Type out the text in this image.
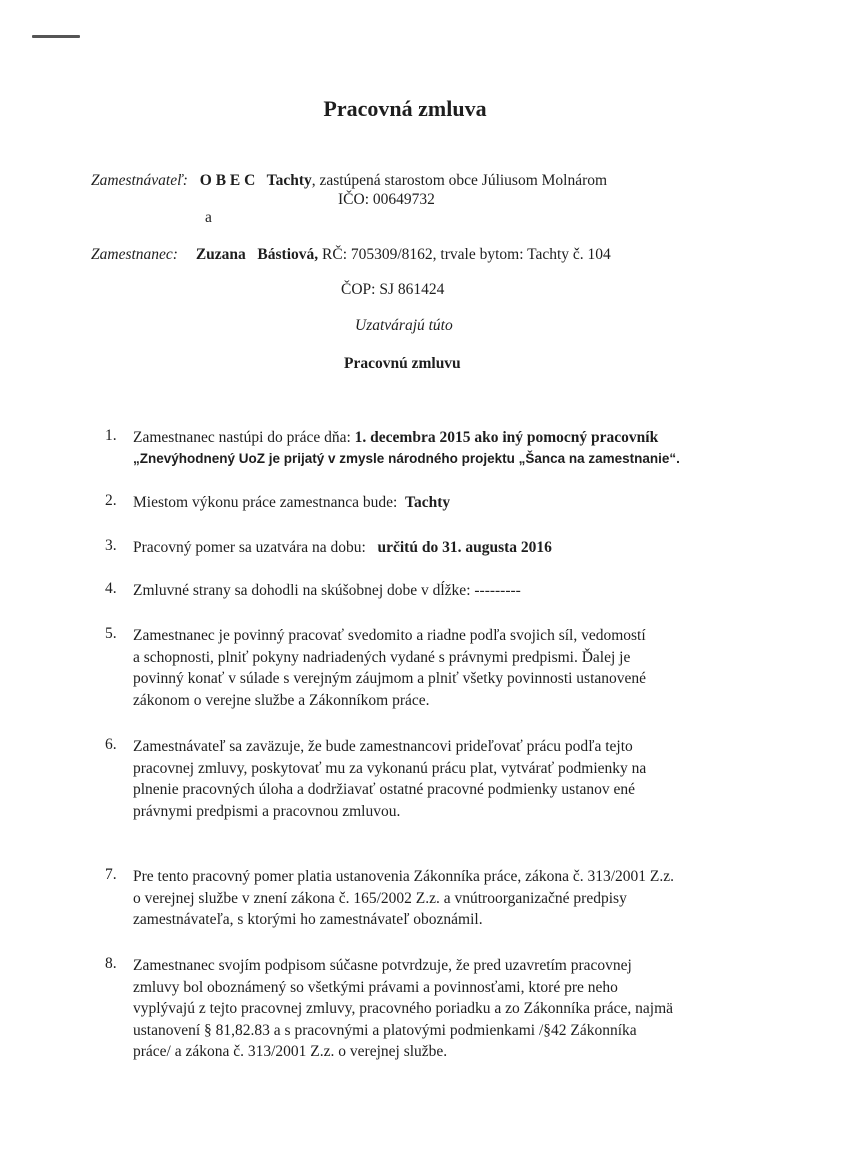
Pracovná zmluva
Zamestnávateľ: O B E C   Tachty, zastúpená starostom obce Júliusom Molnárom
IČO: 00649732
a
Zamestnanec: Zuzana   Bástiová, RČ: 705309/8162, trvale bytom: Tachty č. 104
ČOP: SJ 861424
Uzatvárajú túto
Pracovnú zmluvu
1. Zamestnanec nastúpi do práce dňa: 1. decembra 2015 ako iný pomocný pracovník
„Znevýhodnený UoZ je prijatý v zmysle národného projektu „Šanca na zamestnanie“.
2. Miestom výkonu práce zamestnanca bude:  Tachty
3. Pracovný pomer sa uzatvára na dobu:   určitú do 31. augusta 2016
4. Zmluvné strany sa dohodli na skúšobnej dobe v dĺžke: ---------
5. Zamestnanec je povinný pracovať svedomito a riadne podľa svojich síl, vedomostí
a schopnosti, plniť pokyny nadriadených vydané s právnymi predpismi. Ďalej je
povinný konať v súlade s verejným záujmom a plniť všetky povinnosti ustanovené
zákonom o verejne službe a Zákonníkom práce.
6. Zamestnávateľ sa zaväzuje, že bude zamestnancovi prideľovať prácu podľa tejto
pracovnej zmluvy, poskytovať mu za vykonanú prácu plat, vytvárať podmienky na
plnenie pracovných úloha a dodržiavať ostatné pracovné podmienky ustanov ené
právnymi predpismi a pracovnou zmluvou.
7. Pre tento pracovný pomer platia ustanovenia Zákonníka práce, zákona č. 313/2001 Z.z.
o verejnej službe v znení zákona č. 165/2002 Z.z. a vnútroorganizačné predpisy
zamestnávateľa, s ktorými ho zamestnávateľ oboznámil.
8. Zamestnanec svojím podpisom súčasne potvrdzuje, že pred uzavretím pracovnej
zmluvy bol oboznámený so všetkými právami a povinnosťami, ktoré pre neho
vyplývajú z tejto pracovnej zmluvy, pracovného poriadku a zo Zákonníka práce, najmä
ustanovení § 81,82.83 a s pracovnými a platovými podmienkami /§42 Zákonníka
práce/ a zákona č. 313/2001 Z.z. o verejnej službe.
